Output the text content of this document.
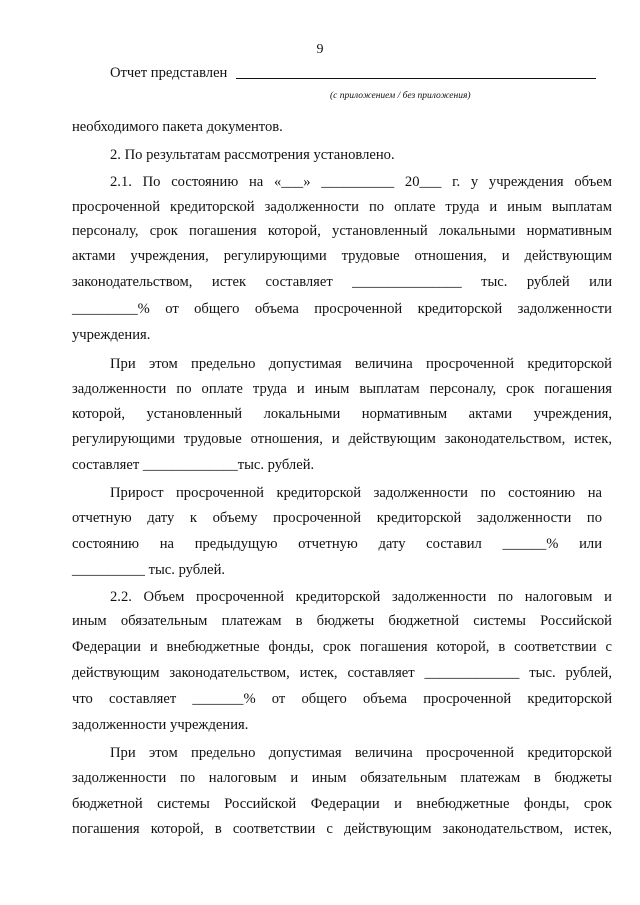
9
Отчет представлен
(с приложением / без приложения)
необходимого пакета документов.
2. По результатам рассмотрения установлено.
2.1. По состоянию на «___» __________ 20___ г. у учреждения объем
просроченной кредиторской задолженности по оплате труда и иным выплатам
персоналу, срок погашения которой, установленный локальными нормативным
актами учреждения, регулирующими трудовые отношения, и действующим
законодательством, истек составляет _______________ тыс. рублей или
_________% от общего объема просроченной кредиторской задолженности
учреждения.
При этом предельно допустимая величина просроченной кредиторской
задолженности по оплате труда и иным выплатам персоналу, срок погашения
которой, установленный локальными нормативным актами учреждения,
регулирующими трудовые отношения, и действующим законодательством, истек,
составляет _____________тыс. рублей.
Прирост просроченной кредиторской задолженности по состоянию на
отчетную дату к объему просроченной кредиторской задолженности по
состоянию на предыдущую отчетную дату составил ______% или
__________ тыс. рублей.
2.2. Объем просроченной кредиторской задолженности по налоговым и
иным обязательным платежам в бюджеты бюджетной системы Российской
Федерации и внебюджетные фонды, срок погашения которой, в соответствии с
действующим законодательством, истек, составляет _____________ тыс. рублей,
что составляет _______% от общего объема просроченной кредиторской
задолженности учреждения.
При этом предельно допустимая величина просроченной кредиторской
задолженности по налоговым и иным обязательным платежам в бюджеты
бюджетной системы Российской Федерации и внебюджетные фонды, срок
погашения которой, в соответствии с действующим законодательством, истек,
